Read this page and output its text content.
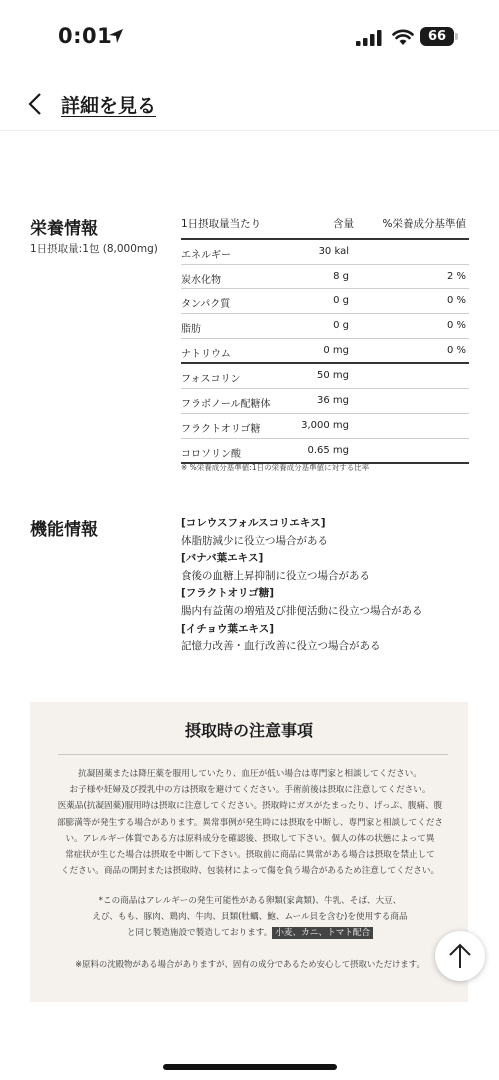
0:01	66
詳細を見る
栄養情報
1日摂取量:1包 (8,000mg)
1日摂取量当たり	含量	%栄養成分基準値
エネルギー	30 kal
炭水化物	8 g	2 %
タンパク質	0 g	0 %
脂肪	0 g	0 %
ナトリウム	0 mg	0 %
フォスコリン	50 mg
フラボノール配糖体	36 mg
フラクトオリゴ糖	3,000 mg
コロソリン酸	0.65 mg
※ %栄養成分基準値:1日の栄養成分基準値に対する比率
機能情報	[コレウスフォルスコリエキス]
体脂肪減少に役立つ場合がある
[バナバ葉エキス]
食後の血糖上昇抑制に役立つ場合がある
[フラクトオリゴ糖]
腸内有益菌の増殖及び排便活動に役立つ場合がある
[イチョウ葉エキス]
記憶力改善・血行改善に役立つ場合がある
摂取時の注意事項
抗凝固薬または降圧薬を服用していたり、血圧が低い場合は専門家と相談してください。
お子様や妊婦及び授乳中の方は摂取を避けてください。手術前後は摂取に注意してください。
医薬品(抗凝固薬)服用時は摂取に注意してください。摂取時にガスがたまったり、げっぷ、腹痛、腹
部膨満等が発生する場合があります。異常事例が発生時には摂取を中断し、専門家と相談してくださ
い。アレルギー体質である方は原料成分を確認後、摂取して下さい。個人の体の状態によって異
常症状が生じた場合は摂取を中断して下さい。摂取前に商品に異常がある場合は摂取を禁止して
ください。商品の開封または摂取時、包装材によって傷を負う場合があるため注意してください。
*この商品はアレルギーの発生可能性がある卵類(家禽類)、牛乳、そば、大豆、
えび、もも、豚肉、鶏肉、牛肉、貝類(牡蠣、鮑、ムール貝を含む)を使用する商品
と同じ製造施設で製造しております。 小麦、カニ、トマト配合
※原料の沈殿物がある場合がありますが、固有の成分であるため安心して摂取いただけます。
